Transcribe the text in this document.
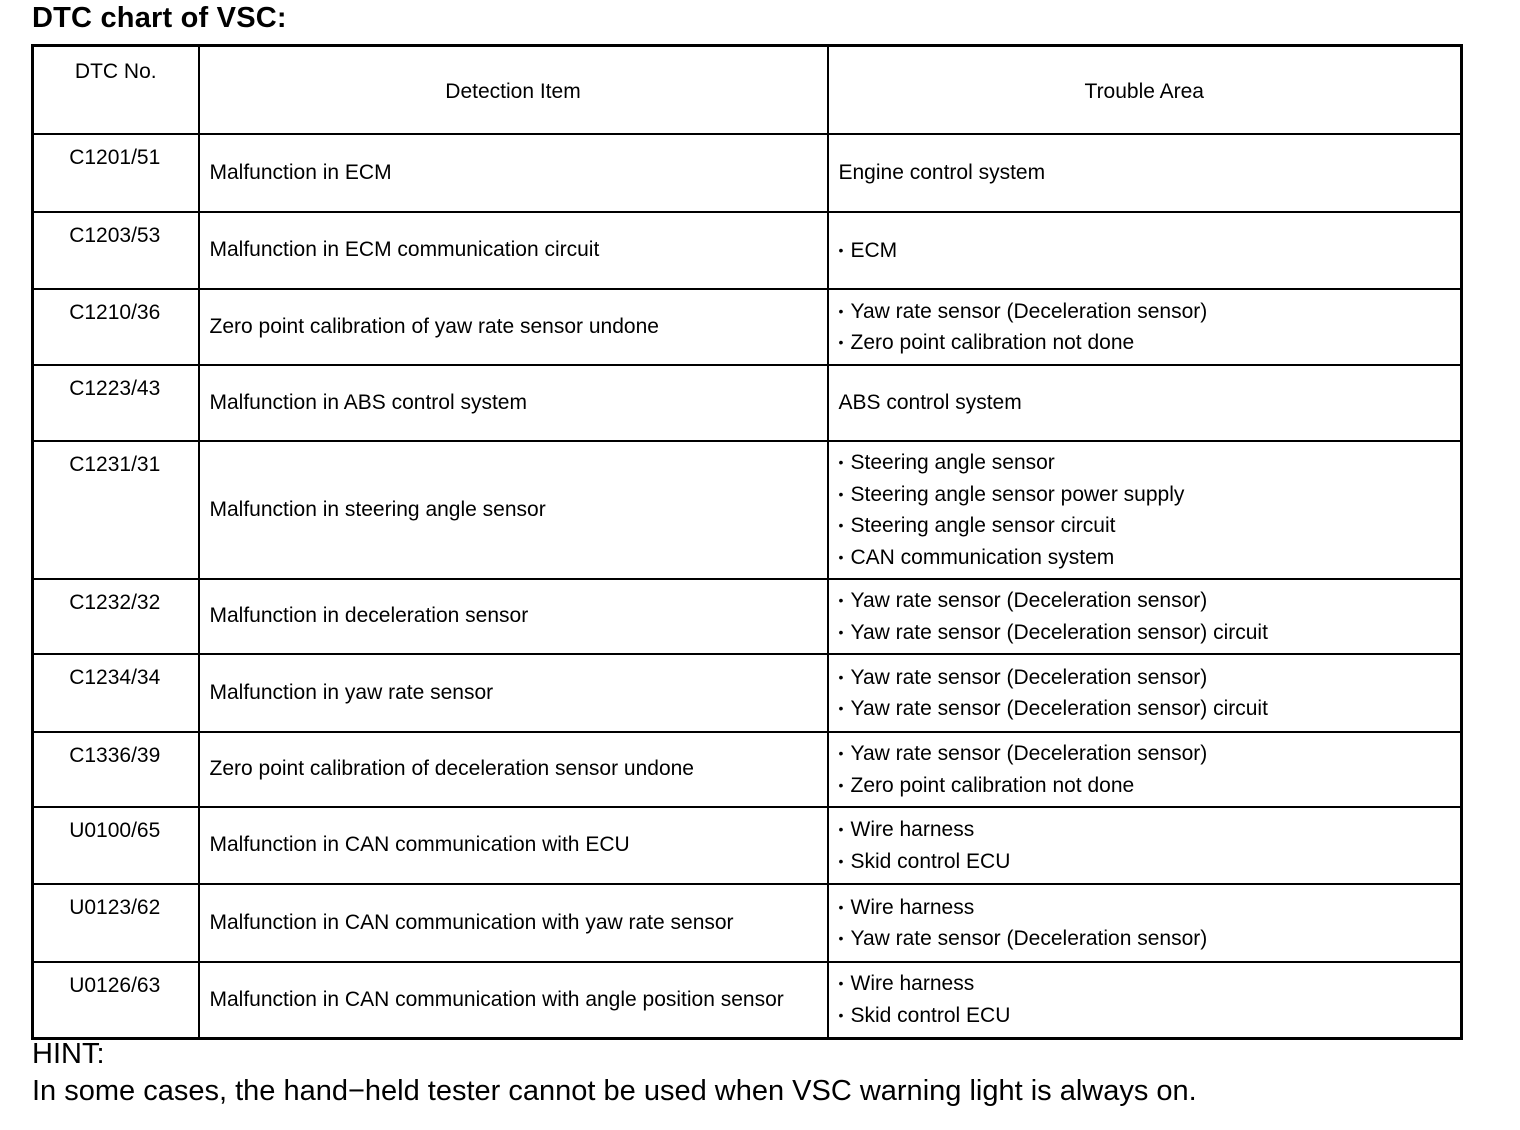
DTC chart of VSC:
DTC No.	Detection Item	Trouble Area
C1201/51	Malfunction in ECM	Engine control system

C1203/53	Malfunction in ECM communication circuit	• ECM

C1210/36	Zero point calibration of yaw rate sensor undone	• Yaw rate sensor (Deceleration sensor)
• Zero point calibration not done

C1223/43	Malfunction in ABS control system	ABS control system

C1231/31	Malfunction in steering angle sensor	• Steering angle sensor
• Steering angle sensor power supply
• Steering angle sensor circuit
• CAN communication system

C1232/32	Malfunction in deceleration sensor	• Yaw rate sensor (Deceleration sensor)
• Yaw rate sensor (Deceleration sensor) circuit

C1234/34	Malfunction in yaw rate sensor	• Yaw rate sensor (Deceleration sensor)
• Yaw rate sensor (Deceleration sensor) circuit

C1336/39	Zero point calibration of deceleration sensor undone	• Yaw rate sensor (Deceleration sensor)
• Zero point calibration not done

U0100/65	Malfunction in CAN communication with ECU	• Wire harness
• Skid control ECU

U0123/62	Malfunction in CAN communication with yaw rate sensor	• Wire harness
• Yaw rate sensor (Deceleration sensor)

U0126/63	Malfunction in CAN communication with angle position sensor	• Wire harness
• Skid control ECU
HINT:
In some cases, the hand−held tester cannot be used when VSC warning light is always on.
